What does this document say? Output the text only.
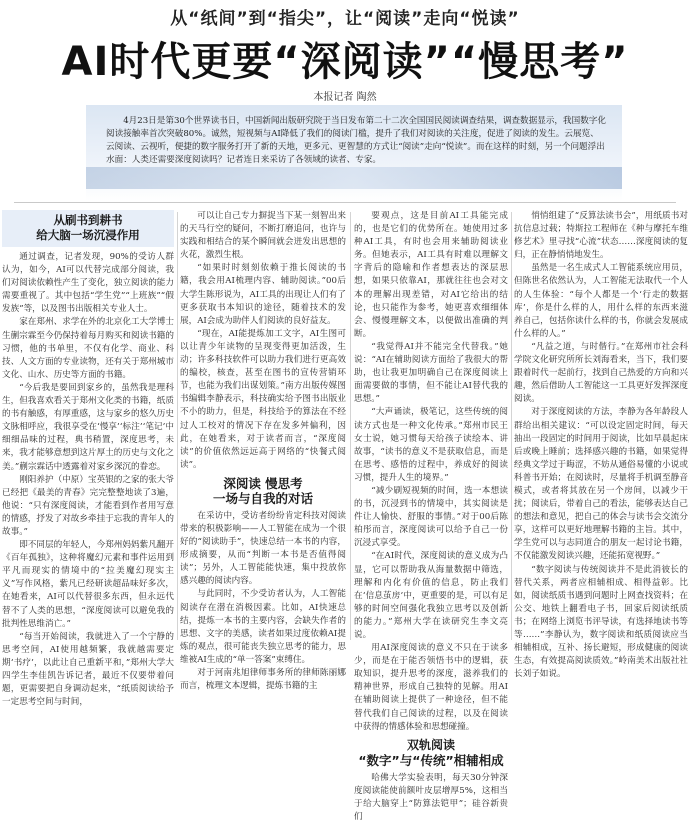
从“纸间”到“指尖”，让“阅读”走向“悦读”
AI时代更要“深阅读”“慢思考”
本报记者 陶然

4月23日是第30个世界读书日，中国新闻出版研究院于当日发布第二十二次全国国民阅读调查结果，调查数据显示，我国数字化阅读接触率首次突破80%。诚然，短视频与AI降低了我们的阅读门槛，提升了我们对阅读的关注度，促进了阅读的发生。云展览、云阅读、云视听，便捷的数字服务打开了新的天地，更多元、更智慧的方式让“阅读”走向“悦读”。而在这样的时刻，另一个问题浮出水面：人类还需要深度阅读吗？记者连日来采访了各领域的读者、专家。

从刷书到耕书
给大脑一场沉浸作用

通过调查，记者发现，90%的受访人群认为，如今，AI可以代替完成部分阅读，我们对阅读依赖性产生了变化，独立阅读的能力需要重视了。其中包括“学生党”“上班族”“假发族”等，以及图书出版相关专业人士。

家在郑州、求学在外的北京化工大学博士生蒯宗霖至今仍保持着每月购买和阅读书籍的习惯，他的书单里，不仅有化学、商业、科技、人文方面的专业读物，还有关于郑州城市文化、山水、历史等方面的书籍。

“今后我是要回到家乡的，虽然我是理科生，但我喜欢看关于郑州文化类的书籍，纸质的书有触感，有厚重感，这与家乡的悠久历史文脉相呼应，我很享受在‘慢享’‘标注’‘笔记’中细细品味的过程，典书稍置，深度思考，未来，我才能够意想到这片厚土的历史与文化之美。”蒯宗霖话中透露着对家乡深沉的眷恋。

刚阳养护（中原）宝英银的之家的张大爷已经把《最美的青春》完完整整地读了3遍，他说：“只有深度阅读，才能看到作者用写意的情感，抒发了对故乡牵挂于忘我的青年人的故事。”

即不同层的年轻人，今郑州妈妈紫凡翻开《百年孤独》，这种将魔幻元素和事件运用到平凡而现实的情境中的“拉美魔幻现实主义”写作风格，紫凡已经研读超品味好多次，在她看来，AI可以代替很多东西，但永远代替不了人类的思想，“深度阅读可以避免我的批判性思维消亡。”

“每当开始阅读，我就进入了一个宁静的思考空间，AI使用越频繁，我就越需要定期‘书疗’，以此让自己重新平和，”郑州大学大四学生李佳凯告诉记者，最近不仅要带着问题，更需要把自身调动起来，“纸质阅读给予一定思考空间与时间，

可以让自己专力摒捉当下某一刻智出来的天马行空的疑问，不断打磨追问，也许与实践和相结合的某个瞬间就会迸发出思想的火花，激烈生根。

“如果时时刻刻依赖于推长阅读的书籍，我会用AI梳理内容、辅助阅读。”00后大学生陈形说为，AI工具的出现让人们有了更多获取书本知识的途径，随着技术的发展，AI会成为助伴人们阅读的良好益友。

“现在，AI能提炼加工文字，AI生图可以让青少年读物的呈现变得更加活泼，生动；许多科技软件可以助力我们进行更高效的编校，核查，甚至在图书的宣传营销环节，也能为我们出谋划策。”南方出版传媒图书编辑李静表示，科技确实给予图书出版业不小的助力，但是，科技给予的算法在不经过人工校对的情况下存在发多舛偏利，因此，在她看来，对于读者而言，“深度阅读”的价值依然远远高于网络的“快餐式阅读”。

深阅读 慢思考
一场与自我的对话

在采访中，受访者纷纷肯定科技对阅读带来的积极影响——人工智能在成为一个很好的“阅读助手”，快速总结一本书的内容，形成摘要，从而“判断一本书是否值得阅读”；另外，人工智能能快速，集中投放你感兴趣的阅读内容。

与此同时，不少受访者认为，人工智能阅读存在潜在消极因素。比如，AI快速总结，提炼一本书的主要内容，会缺失作者的思想、文字的美感，读者如果过度依赖AI提炼的观点，很可能丧失独立思考的能力，思维被AI生成的“单一答案”束缚住。

对于河南兆旭律师事务所的律师陈丽娜而言，梳理文本逻辑，提炼书籍的主

要观点，这是目前AI工具能完成的，也是它们的优势所在。她使用过多种AI工具，有时也会用来辅助阅读业务。但她表示，AI工具有时难以理解文字背后的隐喻和作者想表达的深层思想，如果只依靠AI，那就往往也会对文本的理解出现差错，对AI它给出的结论，也只能作为参考，她更喜欢细细体会、慢慢理解文本，以便做出准确的判断。

“我觉得AI并不能完全代替我。”她说：“AI在辅助阅读方面给了我很大的帮助，也让我更加明确自己在深度阅读上面需要做的事情，但不能让AI替代我的思想。”

“大声诵读，极笔记，这些传统的阅读方式也是一种文化传承。”郑州市民王女士说，她习惯每天给孩子读绘本、讲故事，“读书的意义不是获取信息，而是在思考、感悟的过程中，养成好的阅读习惯，提升人生的境界。”

“减少刷短视频的时间，选一本想读的书，沉浸到书的情境中，其实阅读是件让人愉快、舒服的事情。”对于00后陈柏彤而言，深度阅读可以给予自己一份沉浸式享受。

“在AI时代，深度阅读的意义成为凸显，它可以帮助我从海量数据中筛选，理解和内化有价值的信息，防止我们在‘信息茧房’中，更重要的是，可以有足够的时间空间强化我独立思考以及创新的能力。”郑州大学在读研究生李文亮说。

用AI深度阅读的意义不只在于读多少，而是在于能否领悟书中的逻辑，获取知识，提升思考的深度，滋养我们的精神世界，形成自己独特的见解。用AI在辅助阅读上提供了一种途径，但不能替代我们自己阅读的过程，以及在阅读中获得的情感体验和思想碰撞。

双轨阅读
“数字”与“传统”相辅相成

哈佛大学实验表明，每天30分钟深度阅读能使前额叶皮层增厚5%，这相当于给大脑穿上“防算法铠甲”；硅谷新贵们

悄悄组建了“反算法读书会”，用纸质书对抗信息过载；特斯拉工程师在《种与摩托车维修艺术》里寻找“心流”状态……深度阅读的复归，正在静悄悄地发生。

虽然是一名生成式人工智能系统应用员，但陈世名依然认为，人工智能无法取代一个人的人生体验：“每个人都是一个‘行走的数据库’，你是什么样的人，用什么样的东西来滋养自己，包括你读什么样的书，你就会发展成什么样的人。”

“凡益之道，与时偕行。”在郑州市社会科学院文化研究所所长刘海看来，当下，我们要跟着时代一起前行，找到自己热爱的方向和兴趣，然后借助人工智能这一工具更好发挥深度阅读。

对于深度阅读的方法，李静为各年龄段人群给出相关建议：“可以设定固定时间，每天抽出一段固定的时间用于阅读，比如早晨起床后或晚上睡前；选择感兴趣的书籍，如果觉得经典文学过于晦涩，不妨从通俗易懂的小说或科普书开始；在阅读时，尽量将手机调至静音模式，或者将其放在另一个房间，以减少干扰；阅读后，带着自己的看法，能够表达自己的想法和意见，把自己的体会与读书会交流分享，这样可以更好地理解书籍的主旨。其中，学生党可以与志同道合的朋友一起讨论书籍，不仅能激发阅读兴趣，还能拓宽视野。”

“数字阅读与传统阅读并不是此消彼长的替代关系，两者应相辅相成、相得益彰。比如，阅读纸质书遇到问题时上网查找资料；在公交、地铁上翻看电子书，回家后阅读纸质书；在网络上浏览书评导读，有选择地读书等等……”李静认为，数字阅读和纸质阅读应当相辅相成，互补、扬长避短，形成健康的阅读生态，有效提高阅读质效。”岭南美术出版社社长刘子如说。
